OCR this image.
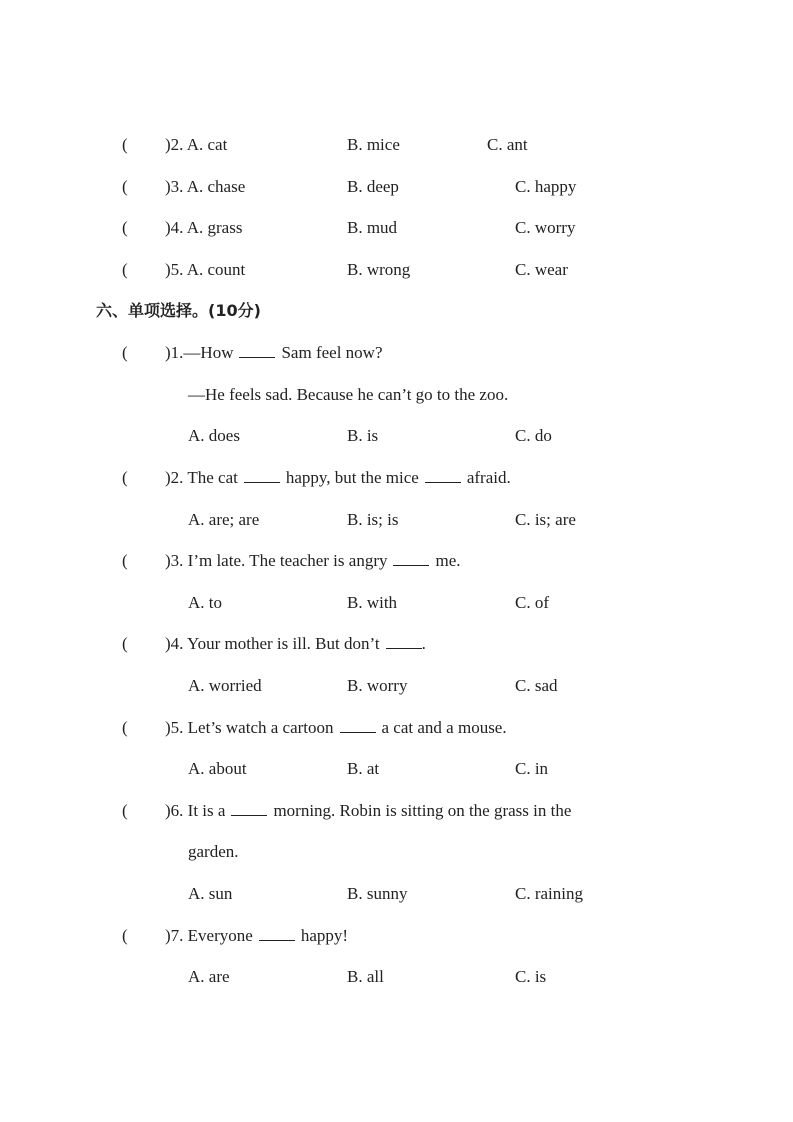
( )2. A. cat	B. mice	C. ant
( )3. A. chase	B. deep	C. happy
( )4. A. grass	B. mud	C. worry
( )5. A. count	B. wrong	C. wear
六、单项选择。(10分)
( )1.—How	Sam feel now?
—He feels sad. Because he can’t go to the zoo.
A. does	B. is	C. do
( )2. The cat	happy, but the mice	afraid.
A. are; are	B. is; is	C. is; are
( )3. I’m late. The teacher is angry	me.
A. to	B. with	C. of
( )4. Your mother is ill. But don’t .
A. worried	B. worry	C. sad
( )5. Let’s watch a cartoon	a cat and a mouse.
A. about	B. at	C. in
( )6. It is a	morning. Robin is sitting on the grass in the
garden.
A. sun	B. sunny	C. raining
( )7. Everyone	happy!
A. are	B. all	C. is
